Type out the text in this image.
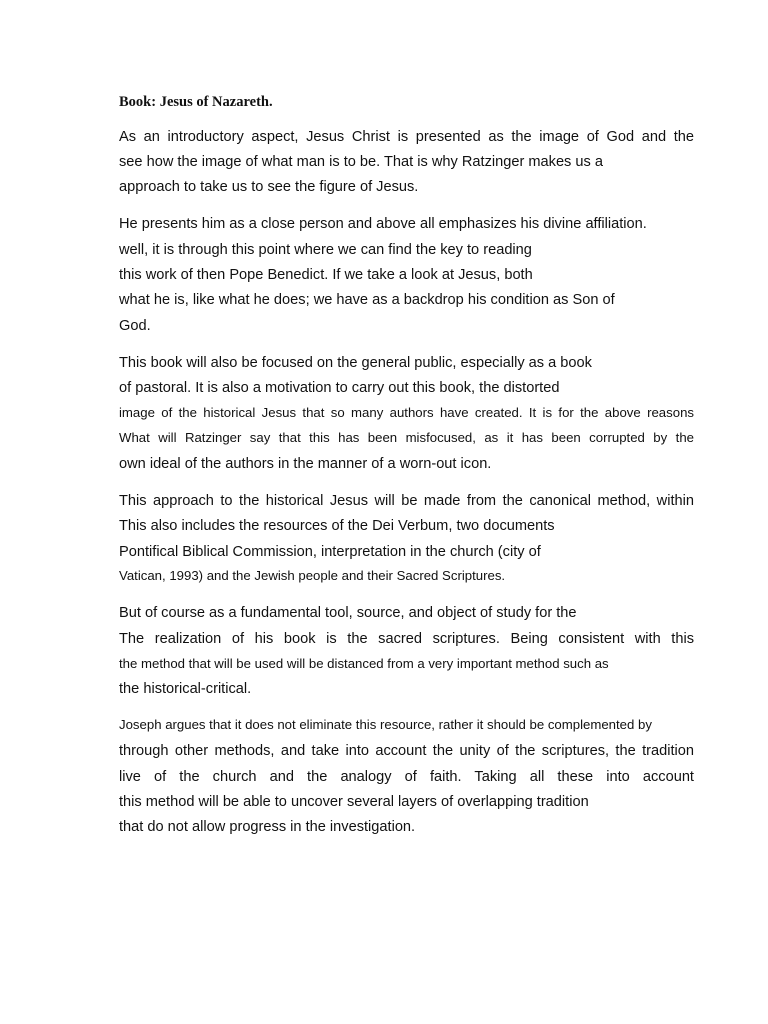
Book: Jesus of Nazareth.
As an introductory aspect, Jesus Christ is presented as the image of God and the
see how the image of what man is to be. That is why Ratzinger makes us a
approach to take us to see the figure of Jesus.
He presents him as a close person and above all emphasizes his divine affiliation.
well, it is through this point where we can find the key to reading
this work of then Pope Benedict. If we take a look at Jesus, both
what he is, like what he does; we have as a backdrop his condition as Son of
God.
This book will also be focused on the general public, especially as a book
of pastoral. It is also a motivation to carry out this book, the distorted
image of the historical Jesus that so many authors have created. It is for the above reasons
What will Ratzinger say that this has been misfocused, as it has been corrupted by the
own ideal of the authors in the manner of a worn-out icon.
This approach to the historical Jesus will be made from the canonical method, within
This also includes the resources of the Dei Verbum, two documents
Pontifical Biblical Commission, interpretation in the church (city of
Vatican, 1993) and the Jewish people and their Sacred Scriptures.
But of course as a fundamental tool, source, and object of study for the
The realization of his book is the sacred scriptures. Being consistent with this
the method that will be used will be distanced from a very important method such as
the historical-critical.
Joseph argues that it does not eliminate this resource, rather it should be complemented by
through other methods, and take into account the unity of the scriptures, the tradition
live of the church and the analogy of faith. Taking all these into account
this method will be able to uncover several layers of overlapping tradition
that do not allow progress in the investigation.
